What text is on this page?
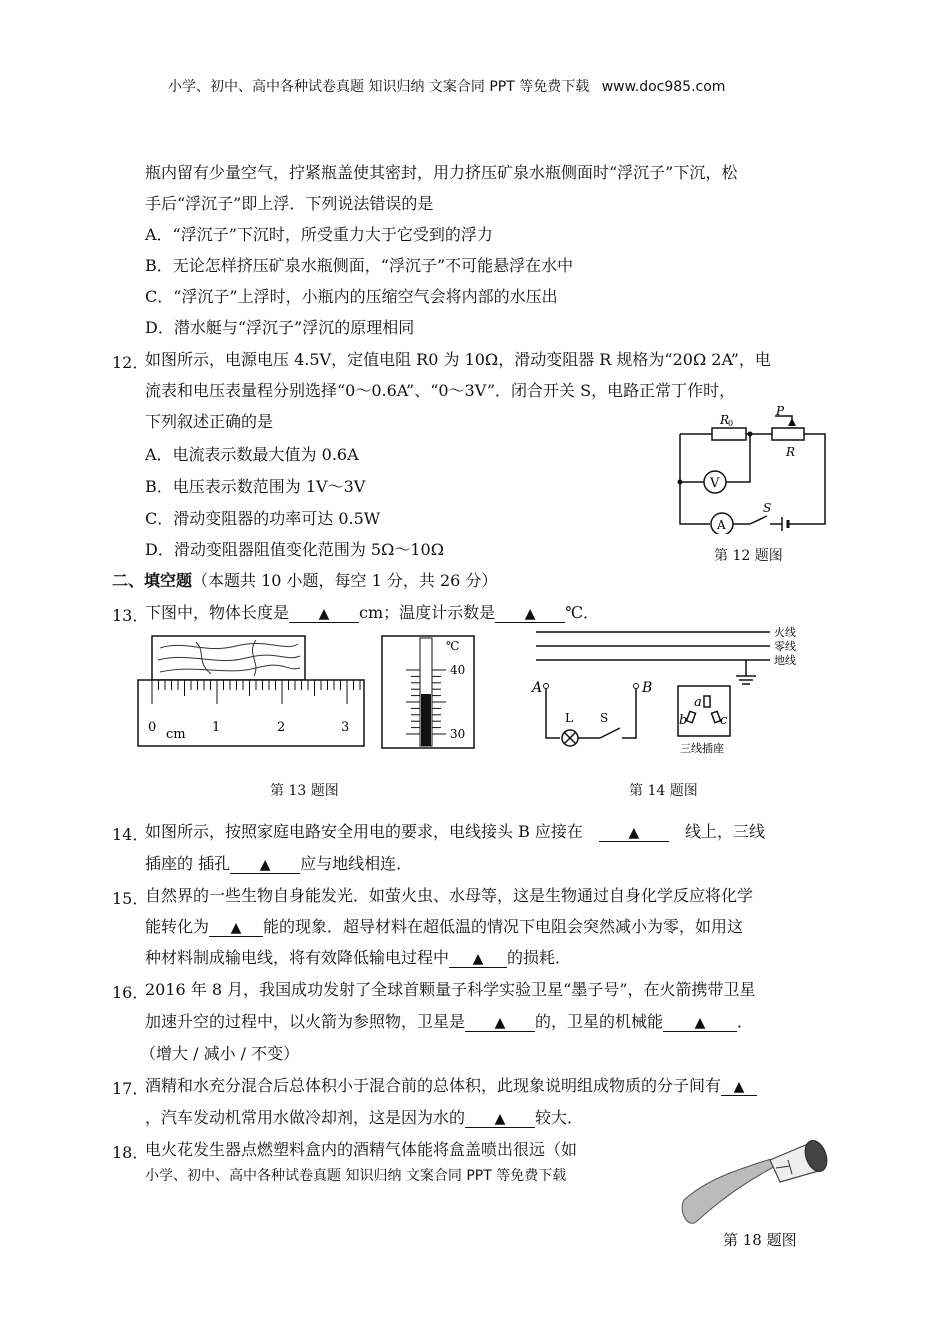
小学、初中、高中各种试卷真题 知识归纳 文案合同 PPT 等免费下载 www.doc985.com
瓶内留有少量空气，拧紧瓶盖使其密封，用力挤压矿泉水瓶侧面时“浮沉子”下沉，松
手后“浮沉子”即上浮．下列说法错误的是
A．“浮沉子”下沉时，所受重力大于它受到的浮力
B．无论怎样挤压矿泉水瓶侧面，“浮沉子”不可能悬浮在水中
C．“浮沉子”上浮时，小瓶内的压缩空气会将内部的水压出
D．潜水艇与“浮沉子”浮沉的原理相同
12．
如图所示，电源电压 4.5V，定值电阻 R0 为 10Ω，滑动变阻器 R 规格为“20Ω 2A”，电
流表和电压表量程分别选择“0～0.6A”、“0～3V”．闭合开关 S，电路正常丁作时，
下列叙述正确的是
A．电流表示数最大值为 0.6A
B．电压表示数范围为 1V～3V
C．滑动变阻器的功率可达 0.5W
D．滑动变阻器阻值变化范围为 5Ω～10Ω
R
0
P
R
V
A
S
第 12 题图
二、填空题（本题共 10 小题，每空 1 分，共 26 分）
13．
下图中，物体长度是 ▲ cm；温度计示数是 ▲ ℃．
0 cm 1	2	3
℃
40
30
第 13 题图
火线
零线
地线
A	B
L S
a
b	c
三线插座
第 14 题图
14．
如图所示，按照家庭电路安全用电的要求，电线接头 B 应接在	▲	线上，三线
插座的 插孔 ▲ 应与地线相连．
15．
自然界的一些生物自身能发光．如萤火虫、水母等，这是生物通过自身化学反应将化学
能转化为 ▲ 能的现象．超导材料在超低温的情况下电阻会突然减小为零，如用这
种材料制成输电线，将有效降低输电过程中 ▲ 的损耗．
16．
2016 年 8 月，我国成功发射了全球首颗量子科学实验卫星“墨子号”，在火箭携带卫星
加速升空的过程中，以火箭为参照物，卫星是 ▲ 的，卫星的机械能 ▲ ．
（增大 / 减小 / 不变）
17．
酒精和水充分混合后总体积小于混合前的总体积，此现象说明组成物质的分子间有 ▲
，汽车发动机常用水做冷却剂，这是因为水的 ▲ 较大．
18．
电火花发生器点燃塑料盒内的酒精气体能将盒盖喷出很远（如
小学、初中、高中各种试卷真题 知识归纳 文案合同 PPT 等免费下载
第 18 题图
